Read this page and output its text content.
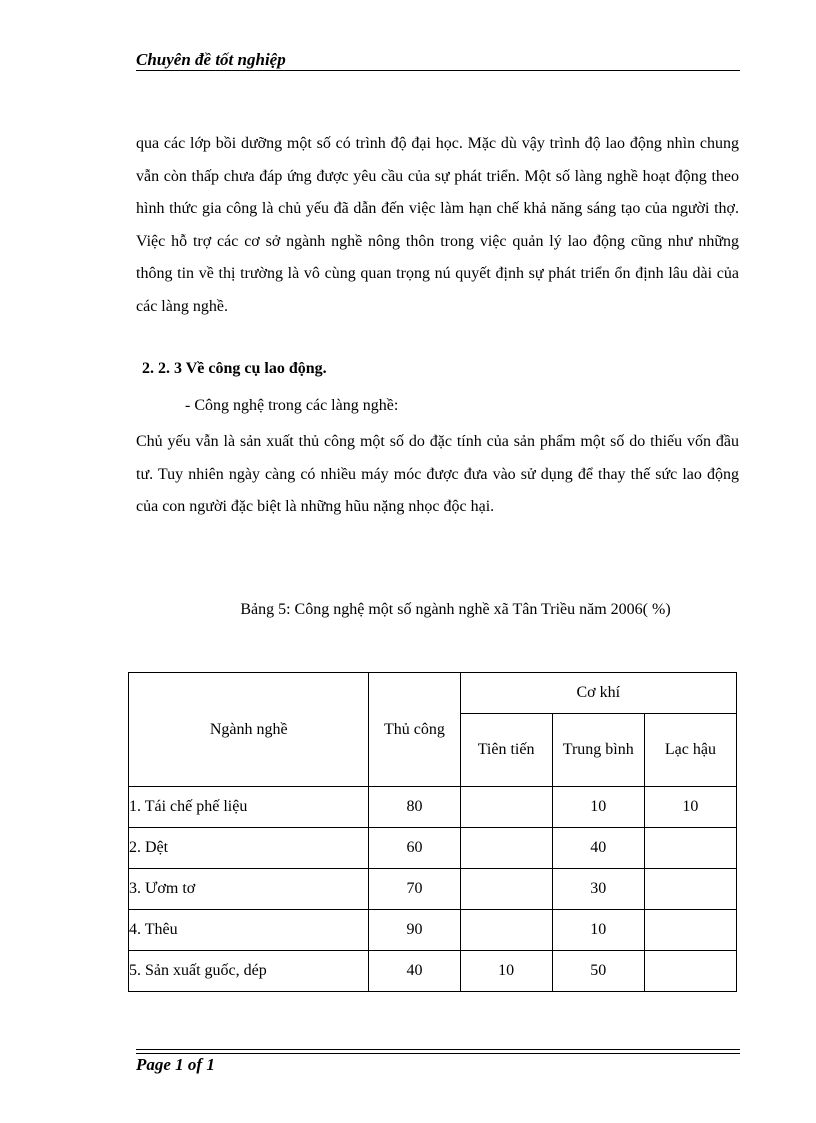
Chuyên đề tốt nghiệp

qua các lớp bồi dưỡng một số có trình độ đại học. Mặc dù vậy trình độ lao động nhìn chung vẫn còn thấp chưa đáp ứng được yêu cầu của sự phát triển. Một số làng nghề hoạt động theo hình thức gia công là chủ yếu đã dẫn đến việc làm hạn chế khả năng sáng tạo của người thợ. Việc hỗ trợ các cơ sở ngành nghề nông thôn trong việc quản lý lao động cũng như những thông tin về thị trường là vô cùng quan trọng nú quyết định sự phát triển ổn định lâu dài của các làng nghề.

2. 2. 3 Về công cụ lao động.
- Công nghệ trong các làng nghề:

Chủ yếu vẫn là sản xuất thủ công một số do đặc tính của sản phẩm một số do thiếu vốn đầu tư. Tuy nhiên ngày càng có nhiều máy móc được đưa vào sử dụng để thay thế sức lao động của con người đặc biệt là những hũu nặng nhọc độc hại.

Bảng 5: Công nghệ một số ngành nghề xã Tân Triều năm 2006( %)
Ngành nghề	Thủ công	Cơ khí		
		Tiên tiến	Trung bình	Lạc hậu
1. Tái chế phế liệu	80		10	10
2. Dệt	60		40	
3. Ươm tơ	70		30	
4. Thêu	90		10	
5. Sản xuất guốc, dép	40	10	50	
Page 1 of 1
